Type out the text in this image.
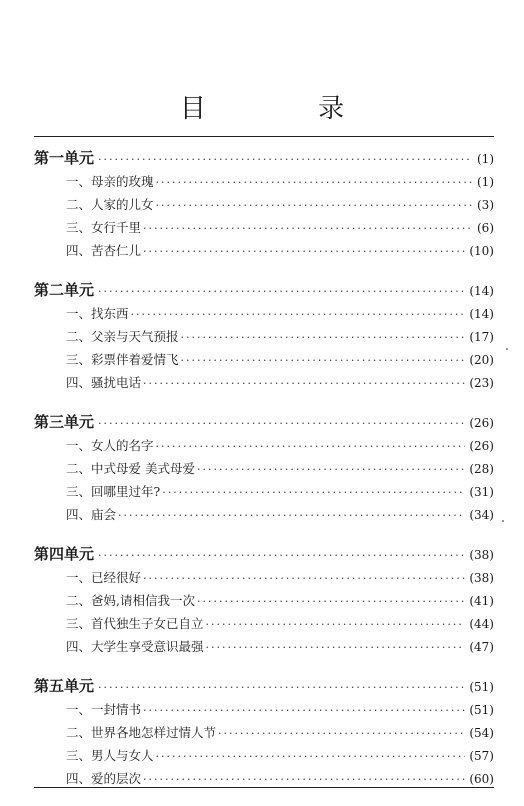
目 录
第一单元 ·····	(1)
一、母亲的玫瑰 ·····	(1)
二、人家的儿女 ·····	(3)
三、女行千里 ·····	(6)
四、苦杏仁儿 ·····	(10)
第二单元 ·····	(14)
一、找东西 ·····	(14)
二、父亲与天气预报 ·····	(17)
三、彩票伴着爱情飞 ·····	(20)
四、骚扰电话 ·····	(23)
第三单元 ·····	(26)
一、女人的名字 ·····	(26)
二、中式母爱 美式母爱 ·····	(28)
三、回哪里过年? ·····	(31)
四、庙会 ·····	(34)
第四单元 ·····	(38)
一、已经很好 ·····	(38)
二、爸妈,请相信我一次 ·····	(41)
三、首代独生子女已自立 ·····	(44)
四、大学生享受意识最强 ·····	(47)
第五单元 ·····	(51)
一、一封情书 ·····	(51)
二、世界各地怎样过情人节 ·····	(54)
三、男人与女人 ·····	(57)
四、爱的层次 ·····	(60)
